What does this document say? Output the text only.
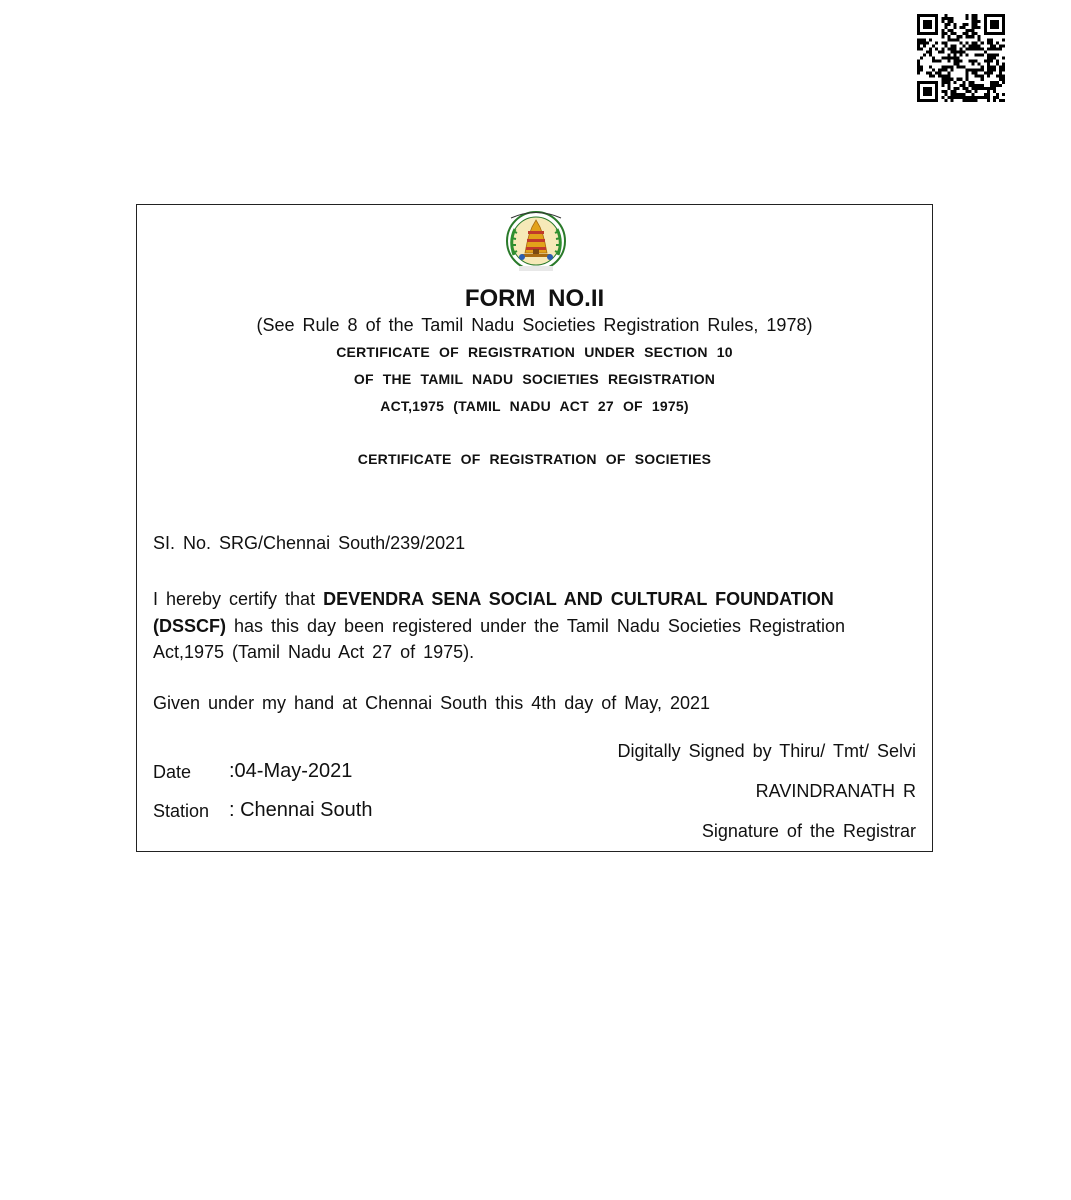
FORM NO.II
(See Rule 8 of the Tamil Nadu Societies Registration Rules, 1978)
CERTIFICATE OF REGISTRATION UNDER SECTION 10
OF THE TAMIL NADU SOCIETIES REGISTRATION
ACT,1975 (TAMIL NADU ACT 27 OF 1975)
CERTIFICATE OF REGISTRATION OF SOCIETIES
SI. No. SRG/Chennai South/239/2021
I hereby certify that DEVENDRA SENA SOCIAL AND CULTURAL FOUNDATION (DSSCF) has this day been registered under the Tamil Nadu Societies Registration Act,1975 (Tamil Nadu Act 27 of 1975).
Given under my hand at Chennai South this 4th day of May, 2021
Digitally Signed by Thiru/ Tmt/ Selvi
RAVINDRANATH R
Signature of the Registrar
Date :04-May-2021
Station : Chennai South
